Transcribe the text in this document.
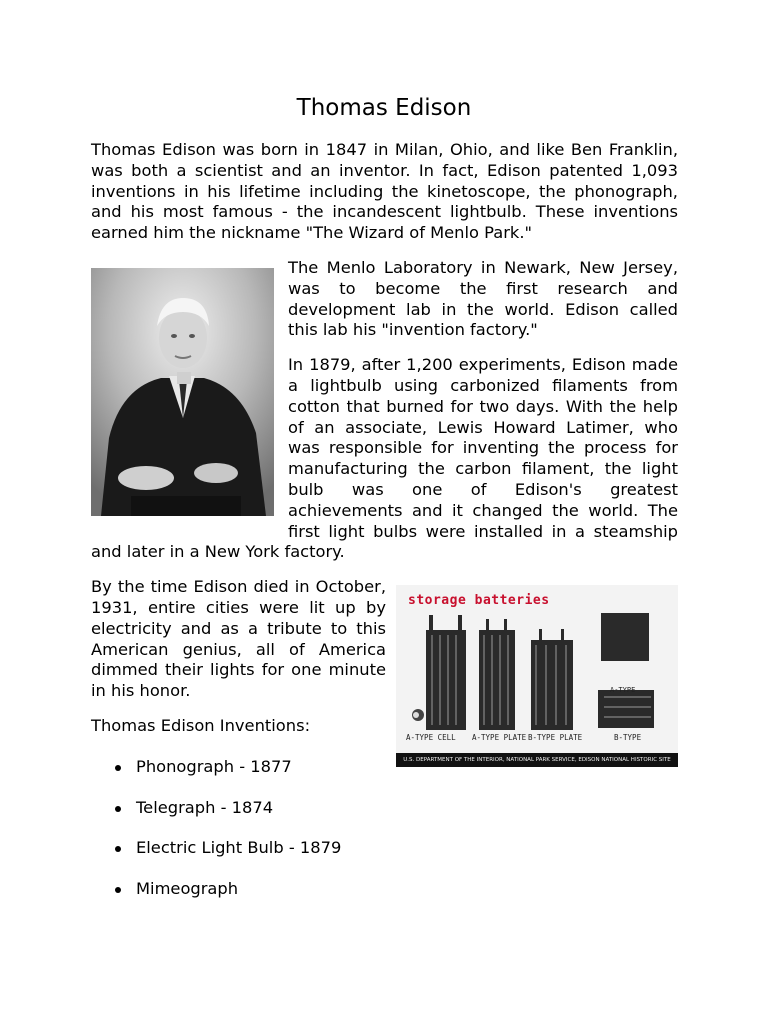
Thomas Edison

Thomas Edison was born in 1847 in Milan, Ohio, and like Ben Franklin, was both a scientist and an inventor. In fact, Edison patented 1,093 inventions in his lifetime including the kinetoscope, the phonograph, and his most famous - the incandescent lightbulb. These inventions earned him the nickname "The Wizard of Menlo Park."

The Menlo Laboratory in Newark, New Jersey, was to become the first research and development lab in the world. Edison called this lab his "invention factory."

In 1879, after 1,200 experiments, Edison made a lightbulb using carbonized filaments from cotton that burned for two days. With the help of an associate, Lewis Howard Latimer, who was responsible for inventing the process for manufacturing the carbon filament, the light bulb was one of Edison's greatest achievements and it changed the world. The first light bulbs were installed in a steamship and later in a New York factory.

storage batteries
A-TYPE
A-TYPE CELL A-TYPE PLATE B-TYPE PLATE	B-TYPE
U.S. DEPARTMENT OF THE INTERIOR, NATIONAL PARK SERVICE, EDISON NATIONAL HISTORIC SITE

By the time Edison died in October, 1931, entire cities were lit up by electricity and as a tribute to this American genius, all of America dimmed their lights for one minute in his honor.

Thomas Edison Inventions:

Phonograph - 1877
Telegraph - 1874
Electric Light Bulb - 1879
Mimeograph
